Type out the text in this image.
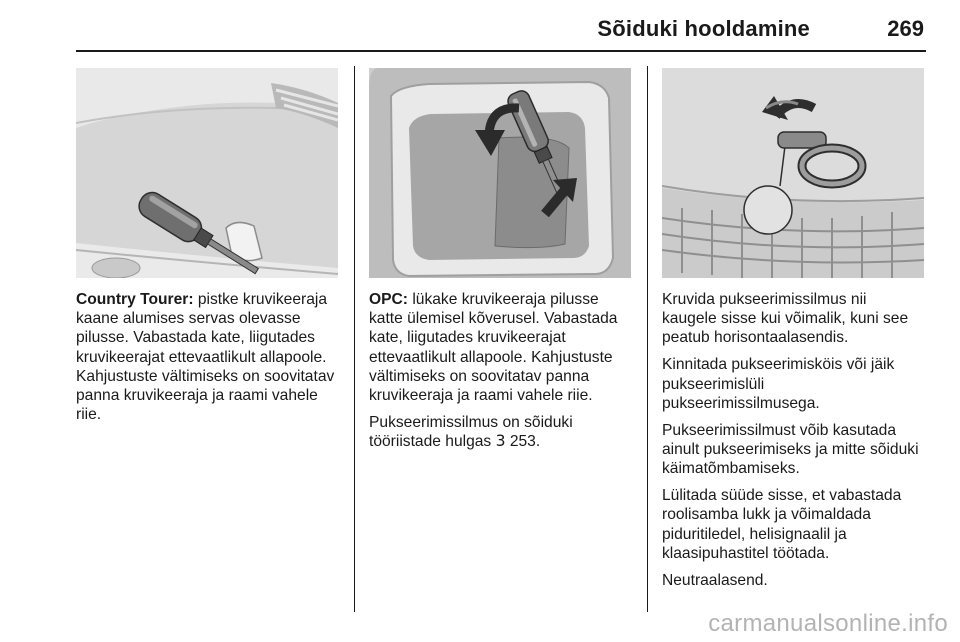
Sõiduki hooldamine	269

Country Tourer: pistke kruvikeeraja
kaane alumises servas olevasse
pilusse. Vabastada kate, liigutades
kruvikeerajat ettevaatlikult allapoole.
Kahjustuste vältimiseks on soovitatav
panna kruvikeeraja ja raami vahele
riie.

OPC: lükake kruvikeeraja pilusse
katte ülemisel kõverusel. Vabastada
kate, liigutades kruvikeerajat
ettevaatlikult allapoole. Kahjustuste
vältimiseks on soovitatav panna
kruvikeeraja ja raami vahele riie.

Pukseerimissilmus on sõiduki
tööriistade hulgas 3 253.

Kruvida pukseerimissilmus nii
kaugele sisse kui võimalik, kuni see
peatub horisontaalasendis.

Kinnitada pukseerimisköis või jäik
pukseerimislüli
pukseerimissilmusega.

Pukseerimissilmust võib kasutada
ainult pukseerimiseks ja mitte sõiduki
käimatõmbamiseks.

Lülitada süüde sisse, et vabastada
roolisamba lukk ja võimaldada
piduritiledel, helisignaalil ja
klaasipuhastitel töötada.

Neutraalasend.

carmanualsonline.info
